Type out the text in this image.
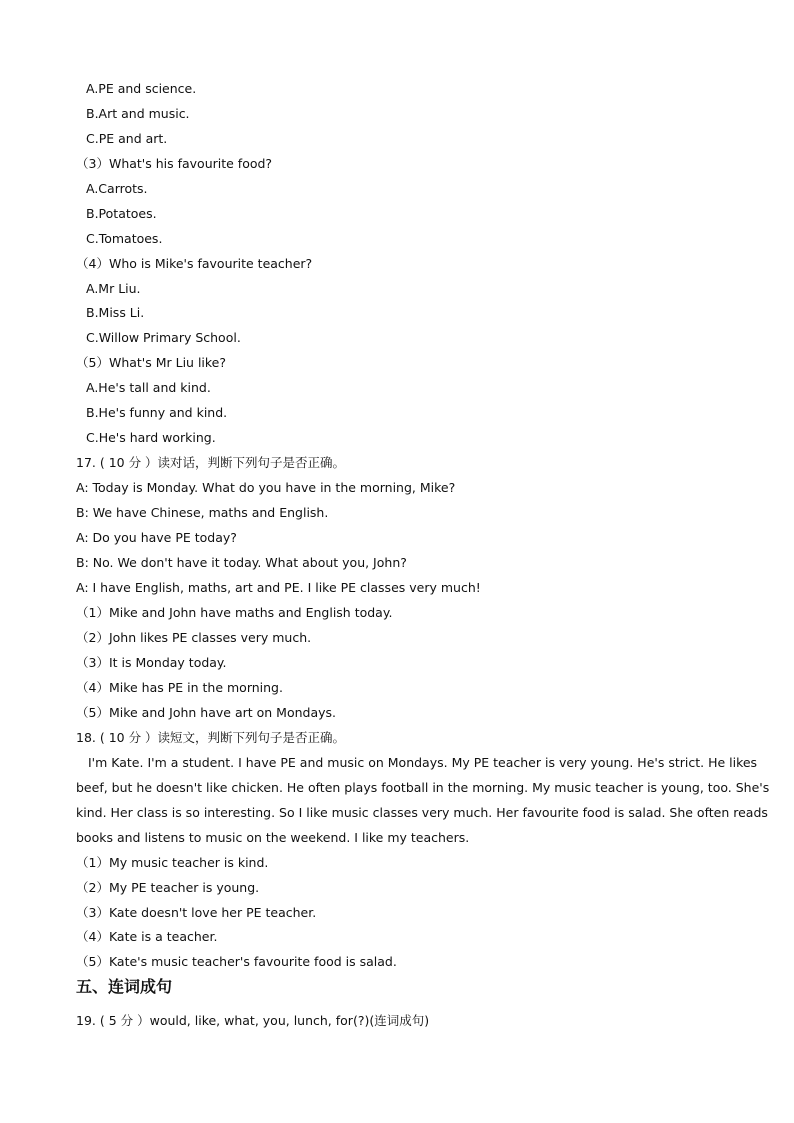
A.PE and science.
B.Art and music.
C.PE and art.
（3）What's his favourite food?
A.Carrots.
B.Potatoes.
C.Tomatoes.
（4）Who is Mike's favourite teacher?
A.Mr Liu.
B.Miss Li.
C.Willow Primary School.
（5）What's Mr Liu like?
A.He's tall and kind.
B.He's funny and kind.
C.He's hard working.
17. ( 10 分 ）读对话，判断下列句子是否正确。
A: Today is Monday. What do you have in the morning, Mike?
B: We have Chinese, maths and English.
A: Do you have PE today?
B: No. We don't have it today. What about you, John?
A: I have English, maths, art and PE. I like PE classes very much!
（1）Mike and John have maths and English today.
（2）John likes PE classes very much.
（3）It is Monday today.
（4）Mike has PE in the morning.
（5）Mike and John have art on Mondays.
18. ( 10 分 ）读短文，判断下列句子是否正确。
I'm Kate. I'm a student. I have PE and music on Mondays. My PE teacher is very young. He's strict. He likes
beef, but he doesn't like chicken. He often plays football in the morning. My music teacher is young, too. She's
kind. Her class is so interesting. So I like music classes very much. Her favourite food is salad. She often reads
books and listens to music on the weekend. I like my teachers.
（1）My music teacher is kind.
（2）My PE teacher is young.
（3）Kate doesn't love her PE teacher.
（4）Kate is a teacher.
（5）Kate's music teacher's favourite food is salad.
五、连词成句
19. ( 5 分 ）would, like, what, you, lunch, for(?)(连词成句)
